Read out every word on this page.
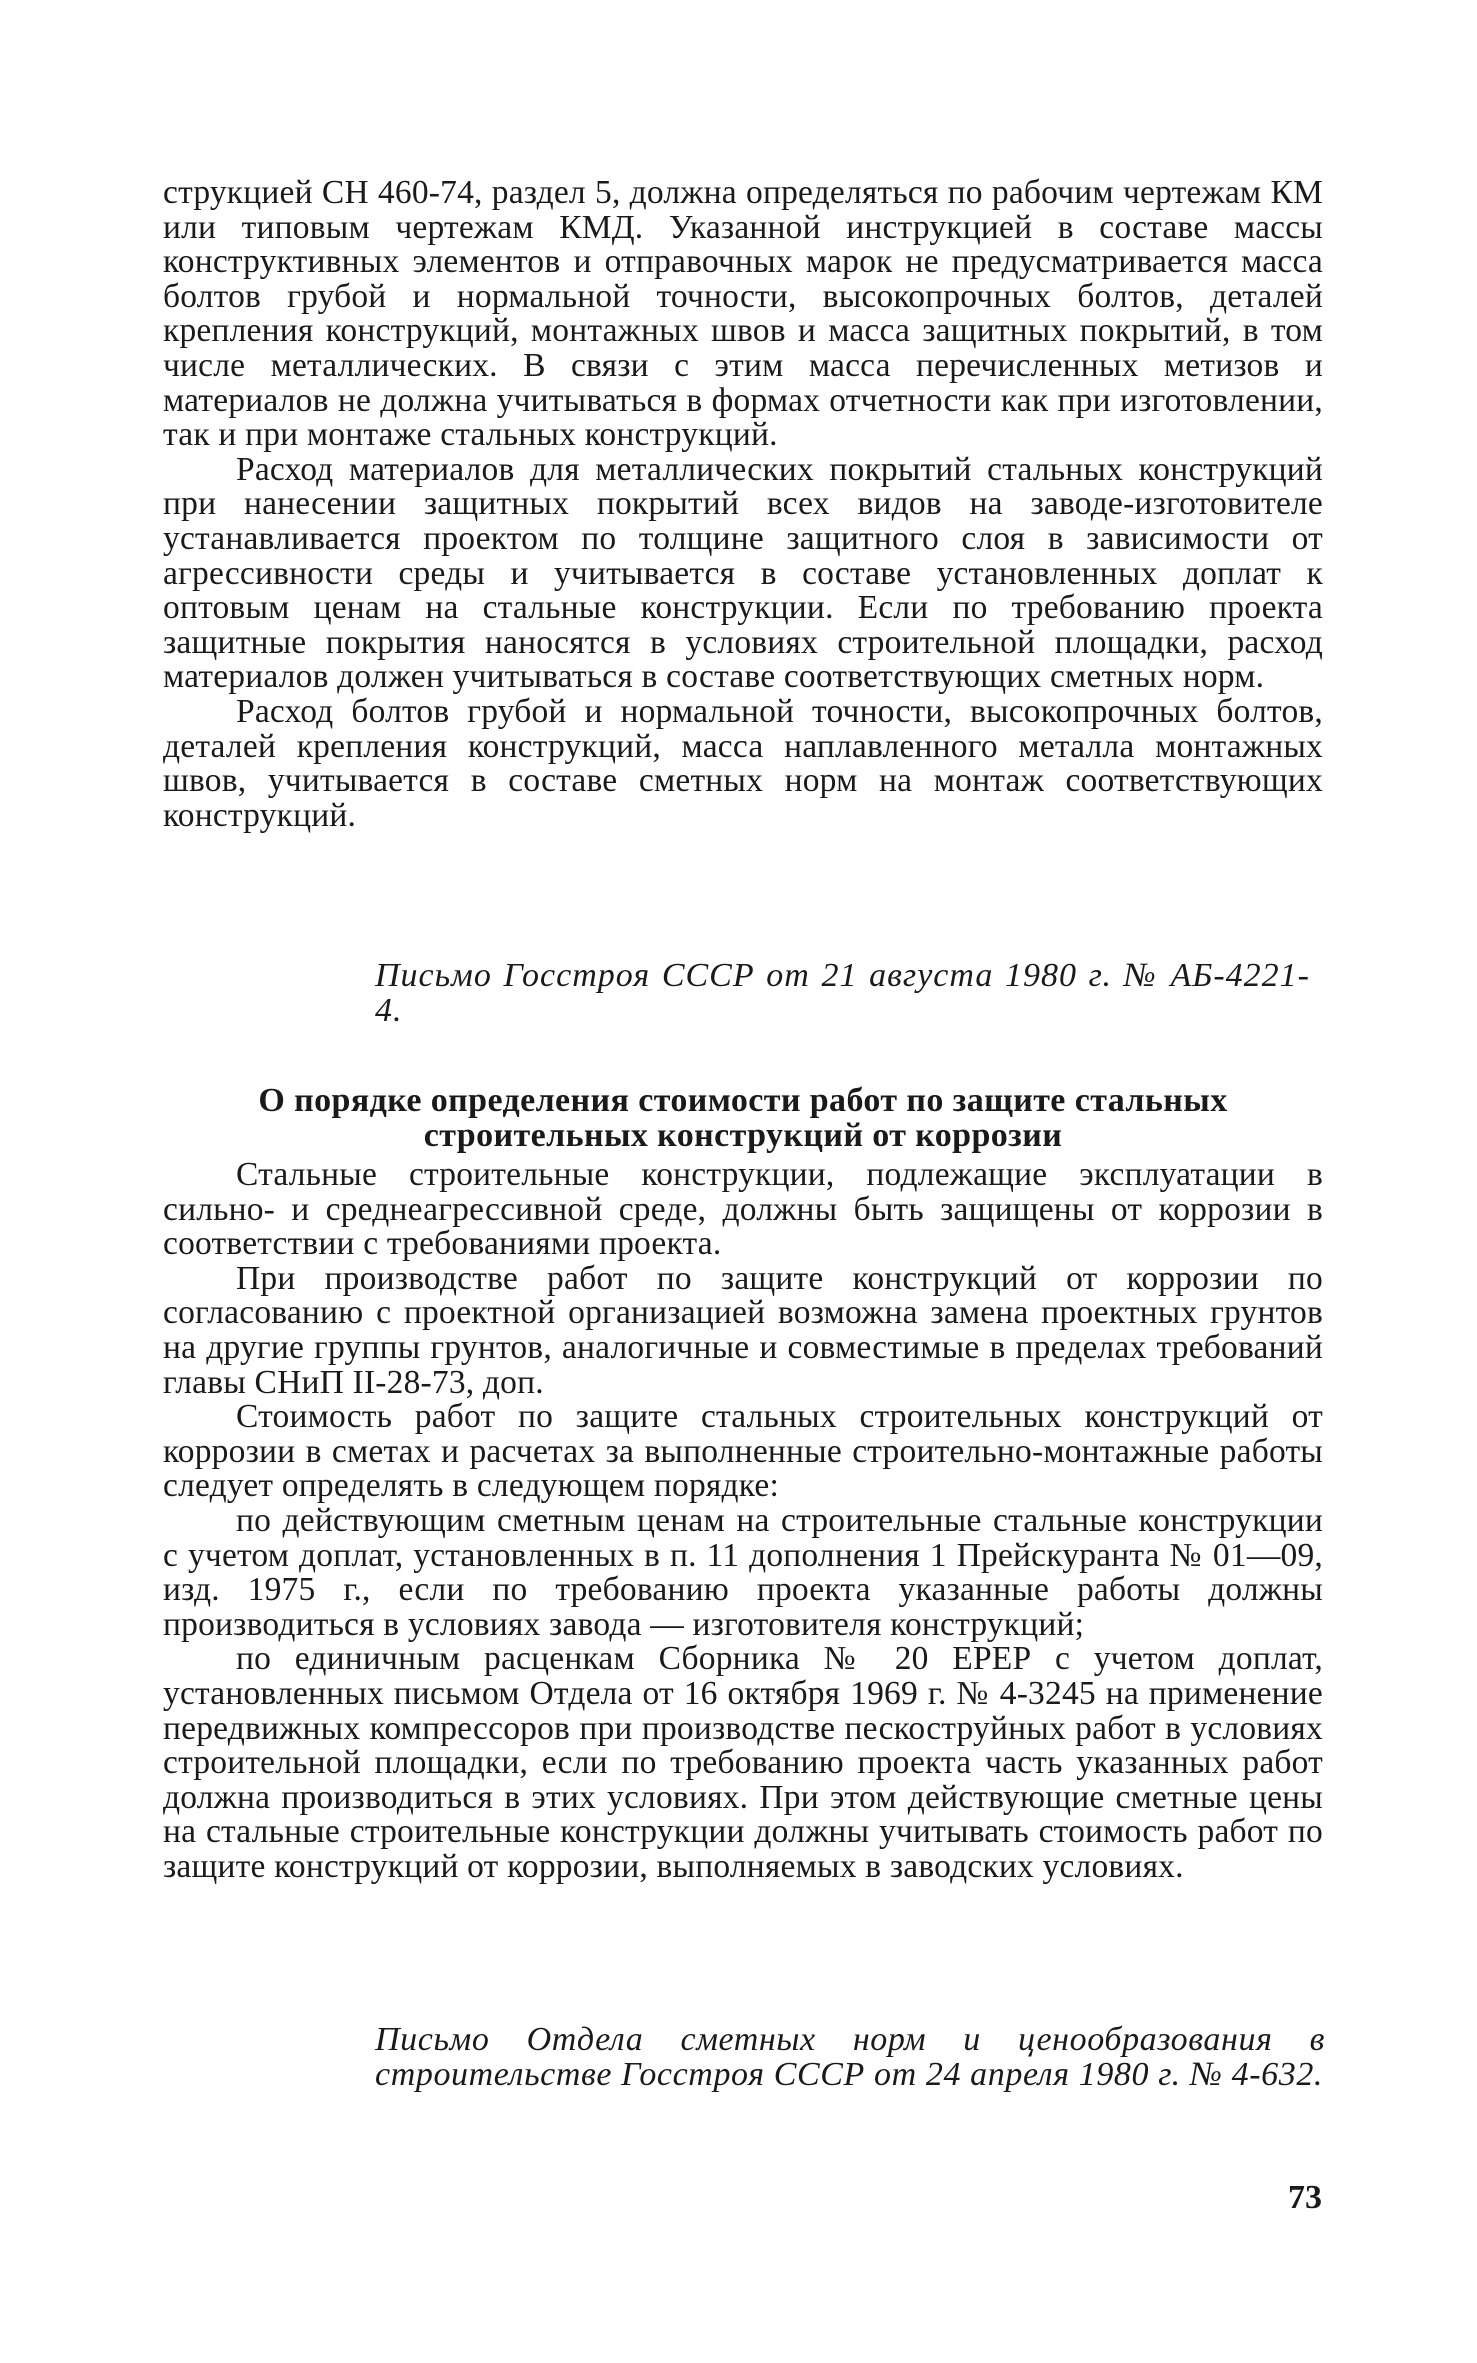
струкцией СН 460-74, раздел 5, должна определяться по рабочим чертежам КМ или типовым чертежам КМД. Указанной инструкцией в составе массы конструктивных элементов и отправочных марок не предусматривается масса болтов грубой и нормальной точности, высокопрочных болтов, деталей крепления конструкций, монтажных швов и масса защитных покрытий, в том числе металлических. В связи с этим масса перечисленных метизов и материалов не должна учитываться в формах отчетности как при изготовлении, так и при монтаже стальных конструкций.

Расход материалов для металлических покрытий стальных конструкций при нанесении защитных покрытий всех видов на заводе-изготовителе устанавливается проектом по толщине защитного слоя в зависимости от агрессивности среды и учитывается в составе установленных доплат к оптовым ценам на стальные конструкции. Если по требованию проекта защитные покрытия наносятся в условиях строительной площадки, расход материалов должен учитываться в составе соответствующих сметных норм.

Расход болтов грубой и нормальной точности, высокопрочных болтов, деталей крепления конструкций, масса наплавленного металла монтажных швов, учитывается в составе сметных норм на монтаж соответствующих конструкций.

Письмо Госстроя СССР от 21 августа 1980 г. № АБ-4221-4.
О порядке определения стоимости работ по защите стальных строительных конструкций от коррозии

Стальные строительные конструкции, подлежащие эксплуатации в сильно- и среднеагрессивной среде, должны быть защищены от коррозии в соответствии с требованиями проекта.

При производстве работ по защите конструкций от коррозии по согласованию с проектной организацией возможна замена проектных грунтов на другие группы грунтов, аналогичные и совместимые в пределах требований главы СНиП II-28-73, доп.

Стоимость работ по защите стальных строительных конструкций от коррозии в сметах и расчетах за выполненные строительно-монтажные работы следует определять в следующем порядке:

по действующим сметным ценам на строительные стальные конструкции с учетом доплат, установленных в п. 11 дополнения 1 Прейскуранта № 01—09, изд. 1975 г., если по требованию проекта указанные работы должны производиться в условиях завода — изготовителя конструкций;

по единичным расценкам Сборника № 20 ЕРЕР с учетом доплат, установленных письмом Отдела от 16 октября 1969 г. № 4-3245 на применение передвижных компрессоров при производстве пескоструйных работ в условиях строительной площадки, если по требованию проекта часть указанных работ должна производиться в этих условиях. При этом действующие сметные цены на стальные строительные конструкции должны учитывать стоимость работ по защите конструкций от коррозии, выполняемых в заводских условиях.

Письмо Отдела сметных норм и ценообразования в строительстве Госстроя СССР от 24 апреля 1980 г. № 4-632.
73
